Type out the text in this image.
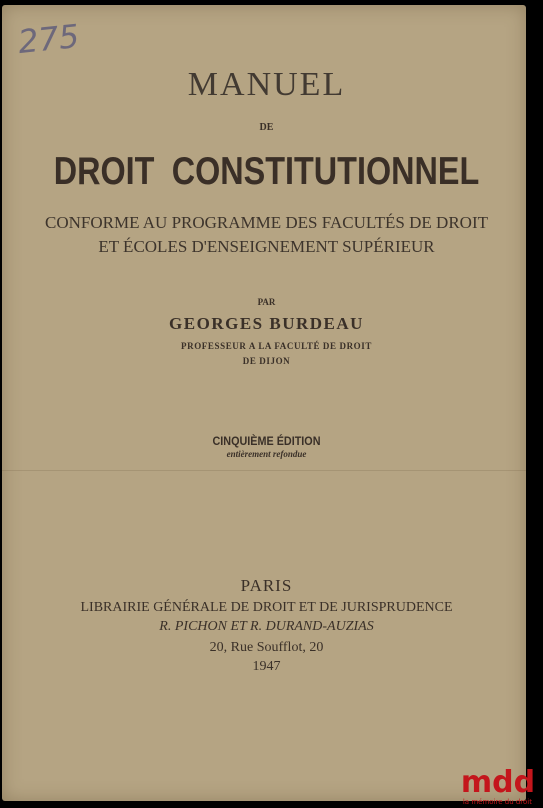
275
MANUEL
DE
DROIT CONSTITUTIONNEL
CONFORME AU PROGRAMME DES FACULTÉS DE DROIT
ET ÉCOLES D'ENSEIGNEMENT SUPÉRIEUR
PAR
GEORGES BURDEAU
PROFESSEUR A LA FACULTÉ DE DROIT
DE DIJON
CINQUIÈME ÉDITION
entièrement refondue
PARIS
LIBRAIRIE GÉNÉRALE DE DROIT ET DE JURISPRUDENCE
R. PICHON ET R. DURAND-AUZIAS
20, Rue Soufflot, 20
1947
mdd
la mémoire du droit
